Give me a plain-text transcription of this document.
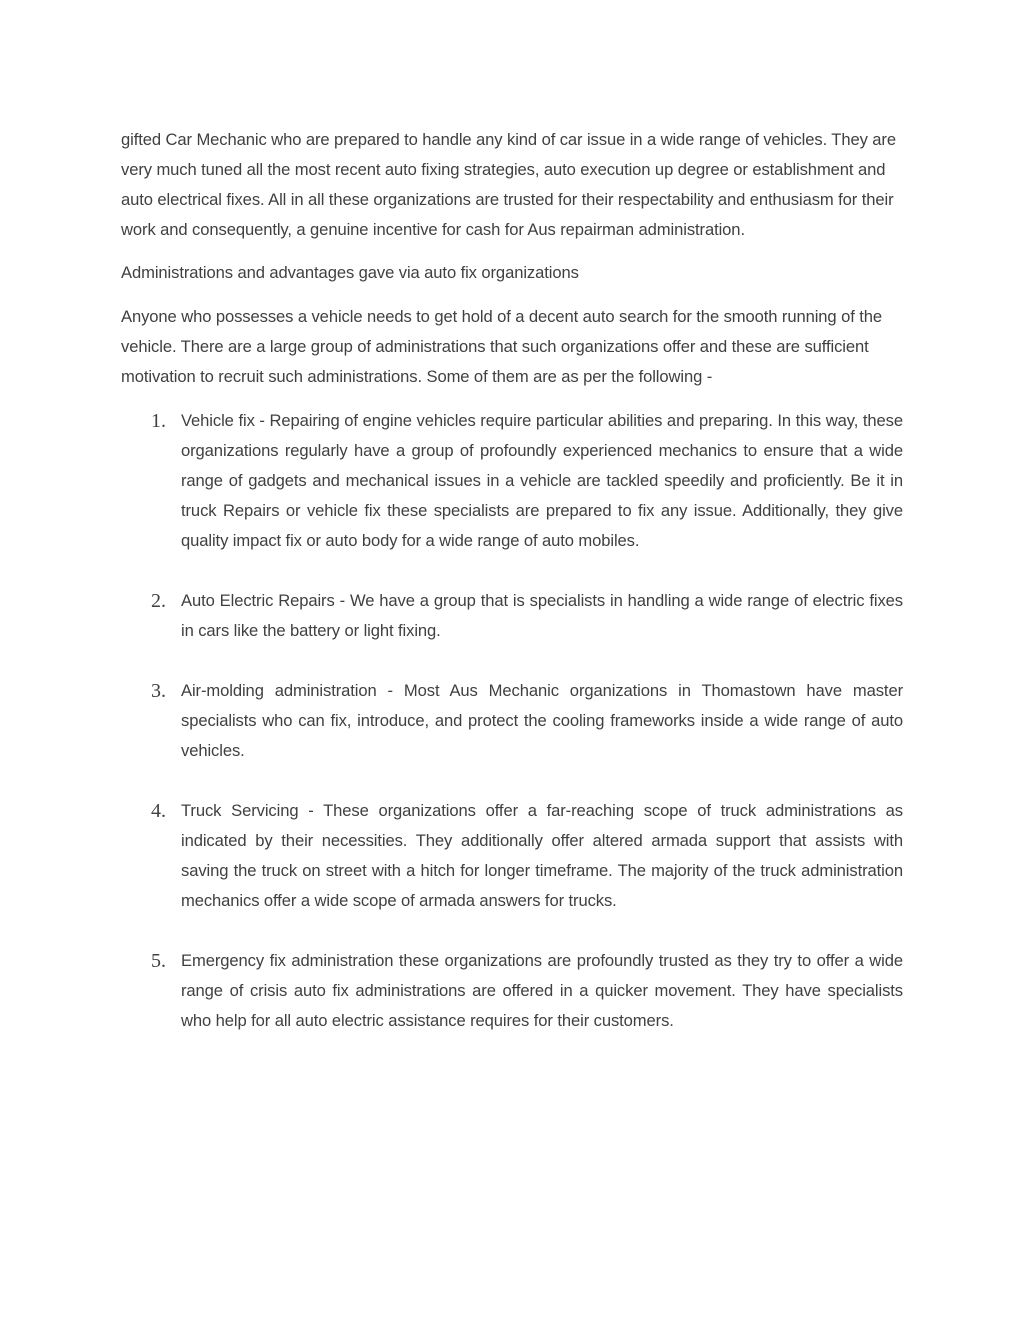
gifted Car Mechanic who are prepared to handle any kind of car issue in a wide range of vehicles. They are very much tuned all the most recent auto fixing strategies, auto execution up degree or establishment and auto electrical fixes. All in all these organizations are trusted for their respectability and enthusiasm for their work and consequently, a genuine incentive for cash for Aus repairman administration.

Administrations and advantages gave via auto fix organizations

Anyone who possesses a vehicle needs to get hold of a decent auto search for the smooth running of the vehicle. There are a large group of administrations that such organizations offer and these are sufficient motivation to recruit such administrations. Some of them are as per the following -

1. Vehicle fix - Repairing of engine vehicles require particular abilities and preparing. In this way, these organizations regularly have a group of profoundly experienced mechanics to ensure that a wide range of gadgets and mechanical issues in a vehicle are tackled speedily and proficiently. Be it in truck Repairs or vehicle fix these specialists are prepared to fix any issue. Additionally, they give quality impact fix or auto body for a wide range of auto mobiles.
2. Auto Electric Repairs - We have a group that is specialists in handling a wide range of electric fixes in cars like the battery or light fixing.
3. Air-molding administration - Most Aus Mechanic organizations in Thomastown have master specialists who can fix, introduce, and protect the cooling frameworks inside a wide range of auto vehicles.
4. Truck Servicing - These organizations offer a far-reaching scope of truck administrations as indicated by their necessities. They additionally offer altered armada support that assists with saving the truck on street with a hitch for longer timeframe. The majority of the truck administration mechanics offer a wide scope of armada answers for trucks.
5. Emergency fix administration these organizations are profoundly trusted as they try to offer a wide range of crisis auto fix administrations are offered in a quicker movement. They have specialists who help for all auto electric assistance requires for their customers.
